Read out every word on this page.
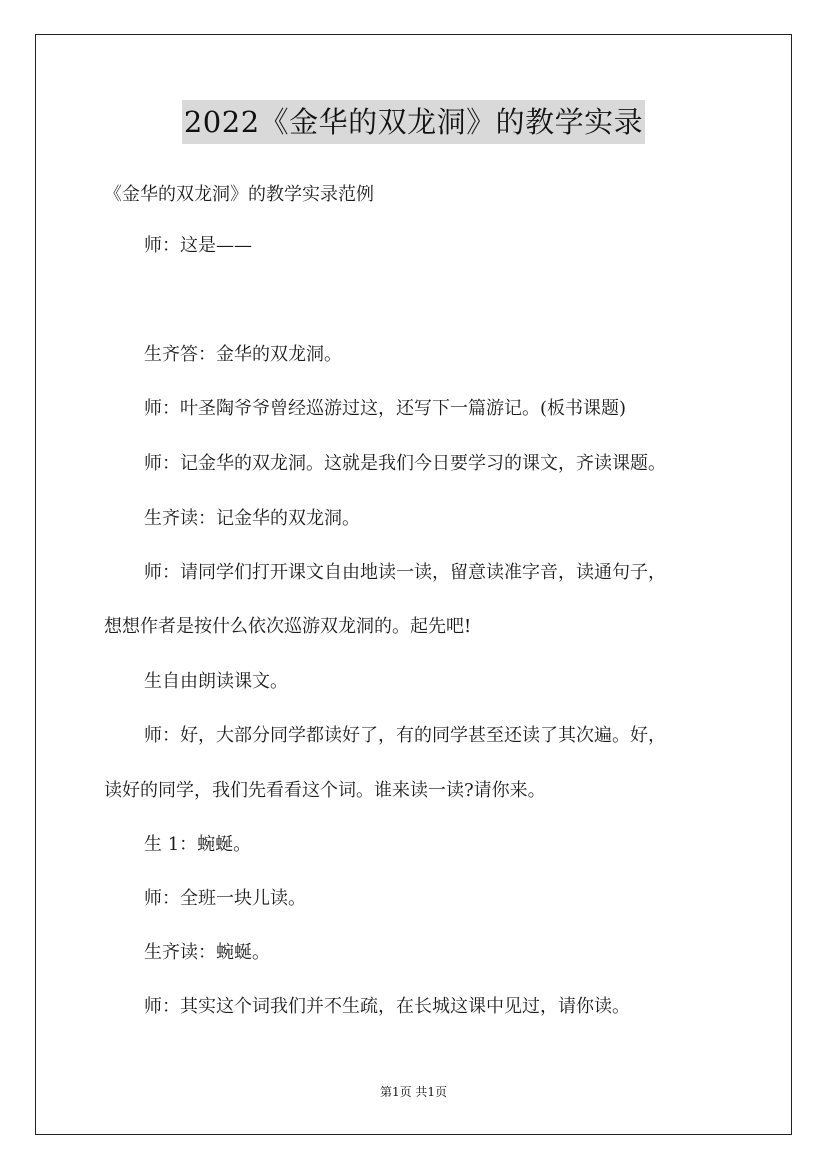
2022《金华的双龙洞》的教学实录
《金华的双龙洞》的教学实录范例
师：这是——
生齐答：金华的双龙洞。
师：叶圣陶爷爷曾经巡游过这，还写下一篇游记。(板书课题)
师：记金华的双龙洞。这就是我们今日要学习的课文，齐读课题。
生齐读：记金华的双龙洞。
师：请同学们打开课文自由地读一读，留意读准字音，读通句子，
想想作者是按什么依次巡游双龙洞的。起先吧!
生自由朗读课文。
师：好，大部分同学都读好了，有的同学甚至还读了其次遍。好，
读好的同学，我们先看看这个词。谁来读一读?请你来。
生 1：蜿蜒。
师：全班一块儿读。
生齐读：蜿蜒。
师：其实这个词我们并不生疏，在长城这课中见过，请你读。
第1页 共1页
